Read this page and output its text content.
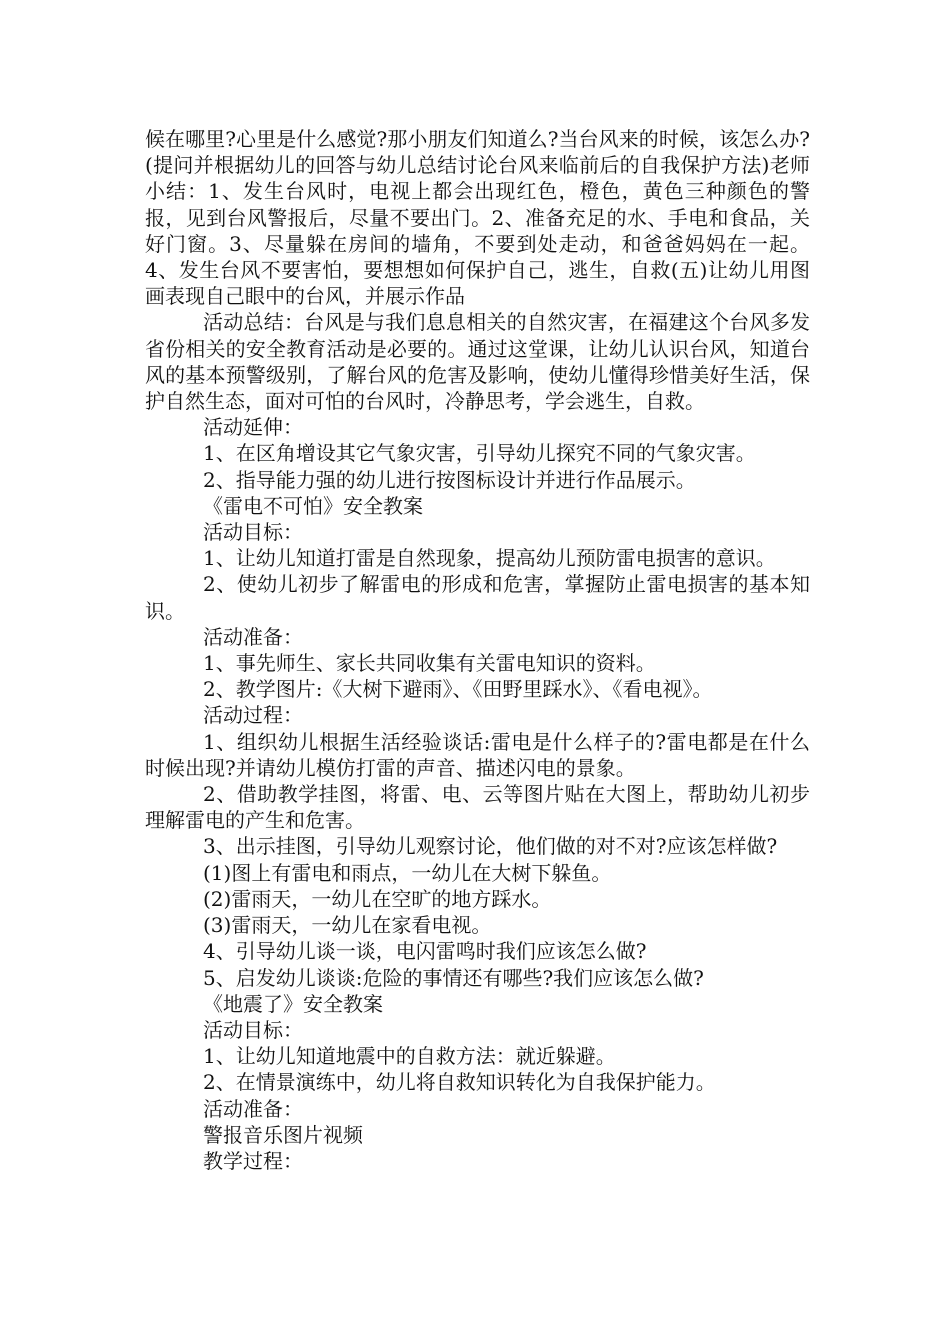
候在哪里?心里是什么感觉?那小朋友们知道么?当台风来的时候，该怎么办?(提问并根据幼儿的回答与幼儿总结讨论台风来临前后的自我保护方法)老师小结：1、发生台风时，电视上都会出现红色，橙色，黄色三种颜色的警报，见到台风警报后，尽量不要出门。2、准备充足的水、手电和食品，关好门窗。3、尽量躲在房间的墙角，不要到处走动，和爸爸妈妈在一起。4、发生台风不要害怕，要想想如何保护自己，逃生，自救(五)让幼儿用图画表现自己眼中的台风，并展示作品

活动总结：台风是与我们息息相关的自然灾害，在福建这个台风多发省份相关的安全教育活动是必要的。通过这堂课，让幼儿认识台风，知道台风的基本预警级别，了解台风的危害及影响，使幼儿懂得珍惜美好生活，保护自然生态，面对可怕的台风时，冷静思考，学会逃生，自救。

活动延伸：

1、在区角增设其它气象灾害，引导幼儿探究不同的气象灾害。

2、指导能力强的幼儿进行按图标设计并进行作品展示。

《雷电不可怕》安全教案

活动目标：

1、让幼儿知道打雷是自然现象，提高幼儿预防雷电损害的意识。

2、使幼儿初步了解雷电的形成和危害，掌握防止雷电损害的基本知识。

活动准备：

1、事先师生、家长共同收集有关雷电知识的资料。

2、教学图片:《大树下避雨》、《田野里踩水》、《看电视》。

活动过程：

1、组织幼儿根据生活经验谈话:雷电是什么样子的?雷电都是在什么时候出现?并请幼儿模仿打雷的声音、描述闪电的景象。

2、借助教学挂图，将雷、电、云等图片贴在大图上，帮助幼儿初步理解雷电的产生和危害。

3、出示挂图，引导幼儿观察讨论，他们做的对不对?应该怎样做?

(1)图上有雷电和雨点，一幼儿在大树下躲鱼。

(2)雷雨天，一幼儿在空旷的地方踩水。

(3)雷雨天，一幼儿在家看电视。

4、引导幼儿谈一谈，电闪雷鸣时我们应该怎么做?

5、启发幼儿谈谈:危险的事情还有哪些?我们应该怎么做?

《地震了》安全教案

活动目标：

1、让幼儿知道地震中的自救方法：就近躲避。

2、在情景演练中，幼儿将自救知识转化为自我保护能力。

活动准备：

警报音乐图片视频

教学过程：
